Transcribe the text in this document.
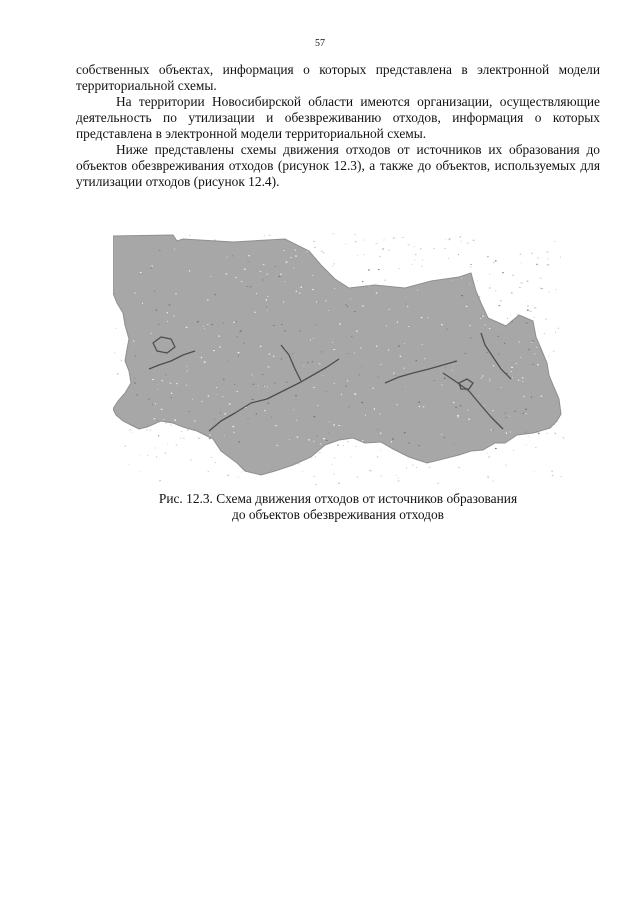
57

собственных объектах, информация о которых представлена в электронной модели территориальной схемы.

На территории Новосибирской области имеются организации, осуществляющие деятельность по утилизации и обезвреживанию отходов, информация о которых представлена в электронной модели территориальной схемы.

Ниже представлены схемы движения отходов от источников их образования до объектов обезвреживания отходов (рисунок 12.3), а также до объектов, используемых для утилизации отходов (рисунок 12.4).

Рис. 12.3. Схема движения отходов от источников образования
до объектов обезвреживания отходов
